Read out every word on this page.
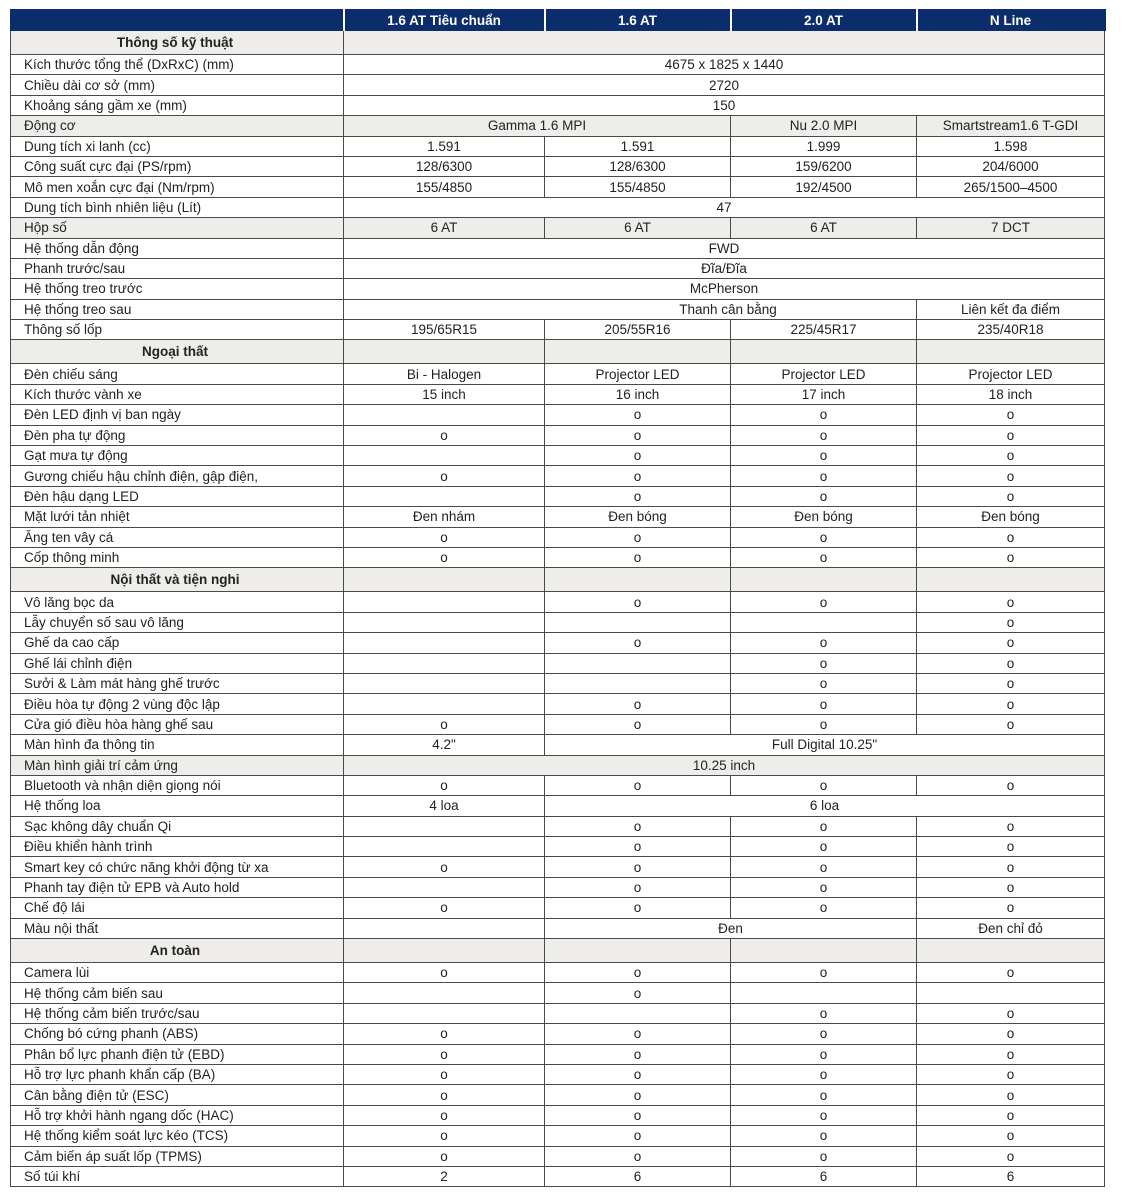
	1.6 AT Tiêu chuẩn	1.6 AT	2.0 AT	N Line
Thông số kỹ thuật				
Kích thước tổng thể (DxRxC) (mm)	4675 x 1825 x 1440			
Chiều dài cơ sở (mm)	2720			
Khoảng sáng gầm xe (mm)	150			
Động cơ	Gamma 1.6 MPI		Nu 2.0 MPI	Smartstream1.6 T-GDI
Dung tích xi lanh (cc)	1.591	1.591	1.999	1.598
Công suất cực đại (PS/rpm)	128/6300	128/6300	159/6200	204/6000
Mô men xoắn cực đại (Nm/rpm)	155/4850	155/4850	192/4500	265/1500–4500
Dung tích bình nhiên liệu (Lít)	47			
Hộp số	6 AT	6 AT	6 AT	7 DCT
Hệ thống dẫn động	FWD			
Phanh trước/sau	Đĩa/Đĩa			
Hệ thống treo trước	McPherson			
Hệ thống treo sau	Thanh cân bằng			Liên kết đa điểm
Thông số lốp	195/65R15	205/55R16	225/45R17	235/40R18
Ngoại thất				
Đèn chiếu sáng	Bi - Halogen	Projector LED	Projector LED	Projector LED
Kích thước vành xe	15 inch	16 inch	17 inch	18 inch
Đèn LED định vị ban ngày		o	o	o
Đèn pha tự động	o	o	o	o
Gạt mưa tự động		o	o	o
Gương chiếu hậu chỉnh điện, gập điện,	o	o	o	o
Đèn hậu dạng LED		o	o	o
Mặt lưới tản nhiệt	Đen nhám	Đen bóng	Đen bóng	Đen bóng
Ăng ten vây cá	o	o	o	o
Cốp thông minh	o	o	o	o
Nội thất và tiện nghi				
Vô lăng bọc da		o	o	o
Lẫy chuyển số sau vô lăng				o
Ghế da cao cấp		o	o	o
Ghế lái chỉnh điện			o	o
Sưởi & Làm mát hàng ghế trước			o	o
Điều hòa tự động 2 vùng độc lập		o	o	o
Cửa gió điều hòa hàng ghế sau	o	o	o	o
Màn hình đa thông tin	4.2"	Full Digital 10.25"		
Màn hình giải trí cảm ứng	10.25 inch			
Bluetooth và nhận diện giọng nói	o	o	o	o
Hệ thống loa	4 loa	6 loa		
Sạc không dây chuẩn Qi		o	o	o
Điều khiển hành trình		o	o	o
Smart key có chức năng khởi động từ xa	o	o	o	o
Phanh tay điện tử EPB và Auto hold		o	o	o
Chế độ lái	o	o	o	o
Màu nội thất		Đen		Đen chỉ đỏ
An toàn				
Camera lùi	o	o	o	o
Hệ thống cảm biến sau		o		
Hệ thống cảm biến trước/sau			o	o
Chống bó cứng phanh (ABS)	o	o	o	o
Phân bổ lực phanh điện tử (EBD)	o	o	o	o
Hỗ trợ lực phanh khẩn cấp (BA)	o	o	o	o
Cân bằng điện tử (ESC)	o	o	o	o
Hỗ trợ khởi hành ngang dốc (HAC)	o	o	o	o
Hệ thống kiểm soát lực kéo (TCS)	o	o	o	o
Cảm biến áp suất lốp (TPMS)	o	o	o	o
Số túi khí	2	6	6	6
